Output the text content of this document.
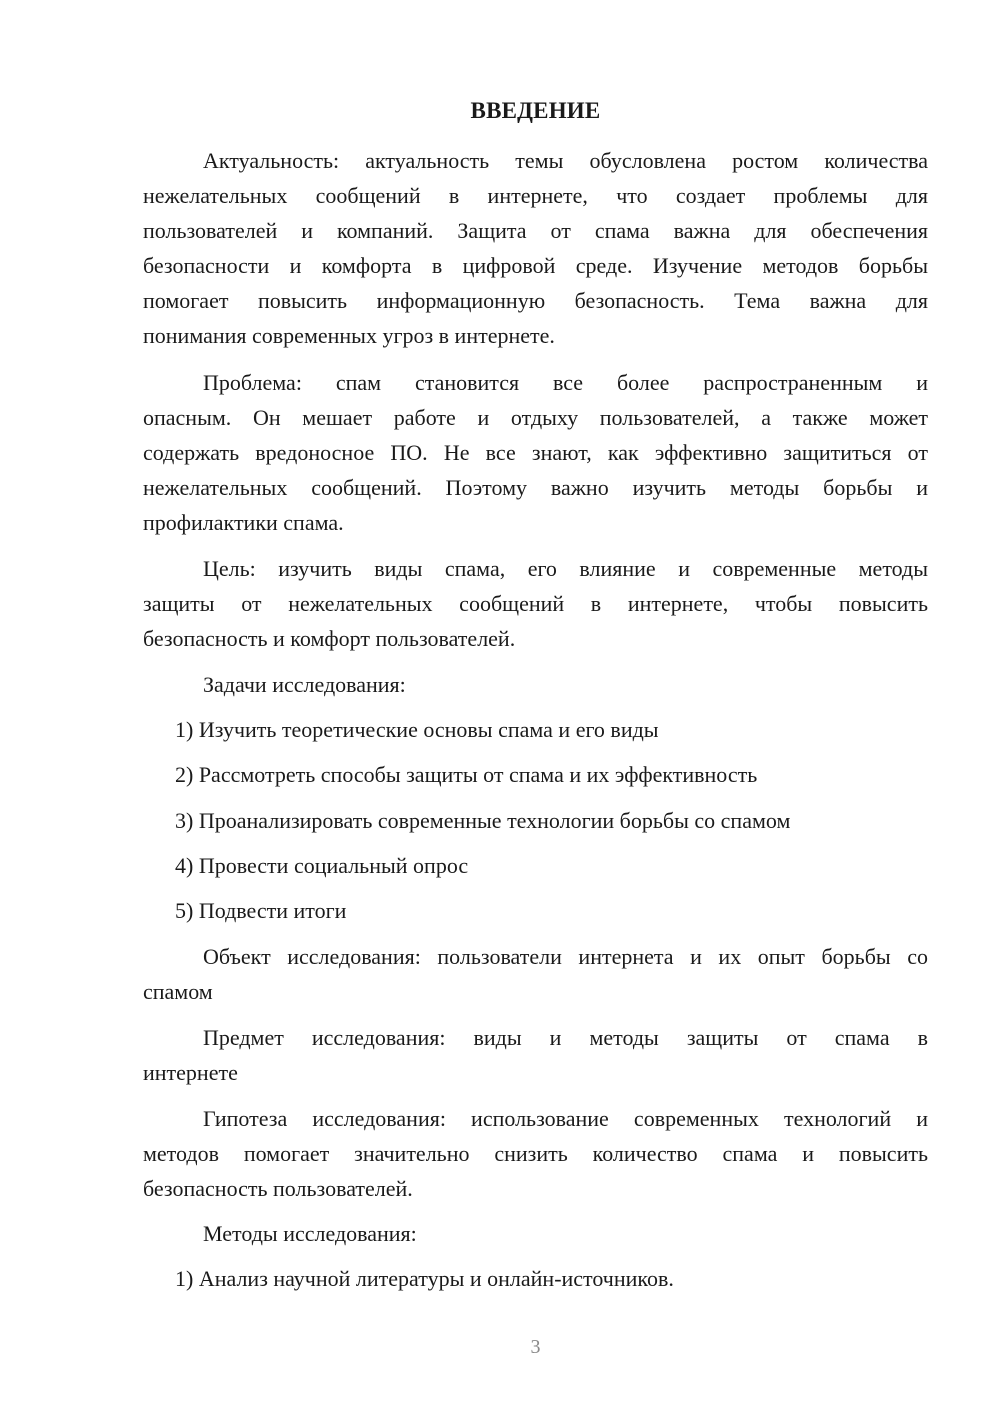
ВВЕДЕНИЕ
Актуальность: актуальность темы обусловлена ростом количества
нежелательных сообщений в интернете, что создает проблемы для
пользователей и компаний. Защита от спама важна для обеспечения
безопасности и комфорта в цифровой среде. Изучение методов борьбы
помогает повысить информационную безопасность. Тема важна для
понимания современных угроз в интернете.
Проблема: спам становится все более распространенным и
опасным. Он мешает работе и отдыху пользователей, а также может
содержать вредоносное ПО. Не все знают, как эффективно защититься от
нежелательных сообщений. Поэтому важно изучить методы борьбы и
профилактики спама.
Цель: изучить виды спама, его влияние и современные методы
защиты от нежелательных сообщений в интернете, чтобы повысить
безопасность и комфорт пользователей.
Задачи исследования:
1) Изучить теоретические основы спама и его виды
2) Рассмотреть способы защиты от спама и их эффективность
3) Проанализировать современные технологии борьбы со спамом
4) Провести социальный опрос
5) Подвести итоги
Объект исследования: пользователи интернета и их опыт борьбы со
спамом
Предмет исследования: виды и методы защиты от спама в
интернете
Гипотеза исследования: использование современных технологий и
методов помогает значительно снизить количество спама и повысить
безопасность пользователей.
Методы исследования:
1) Анализ научной литературы и онлайн-источников.
3
